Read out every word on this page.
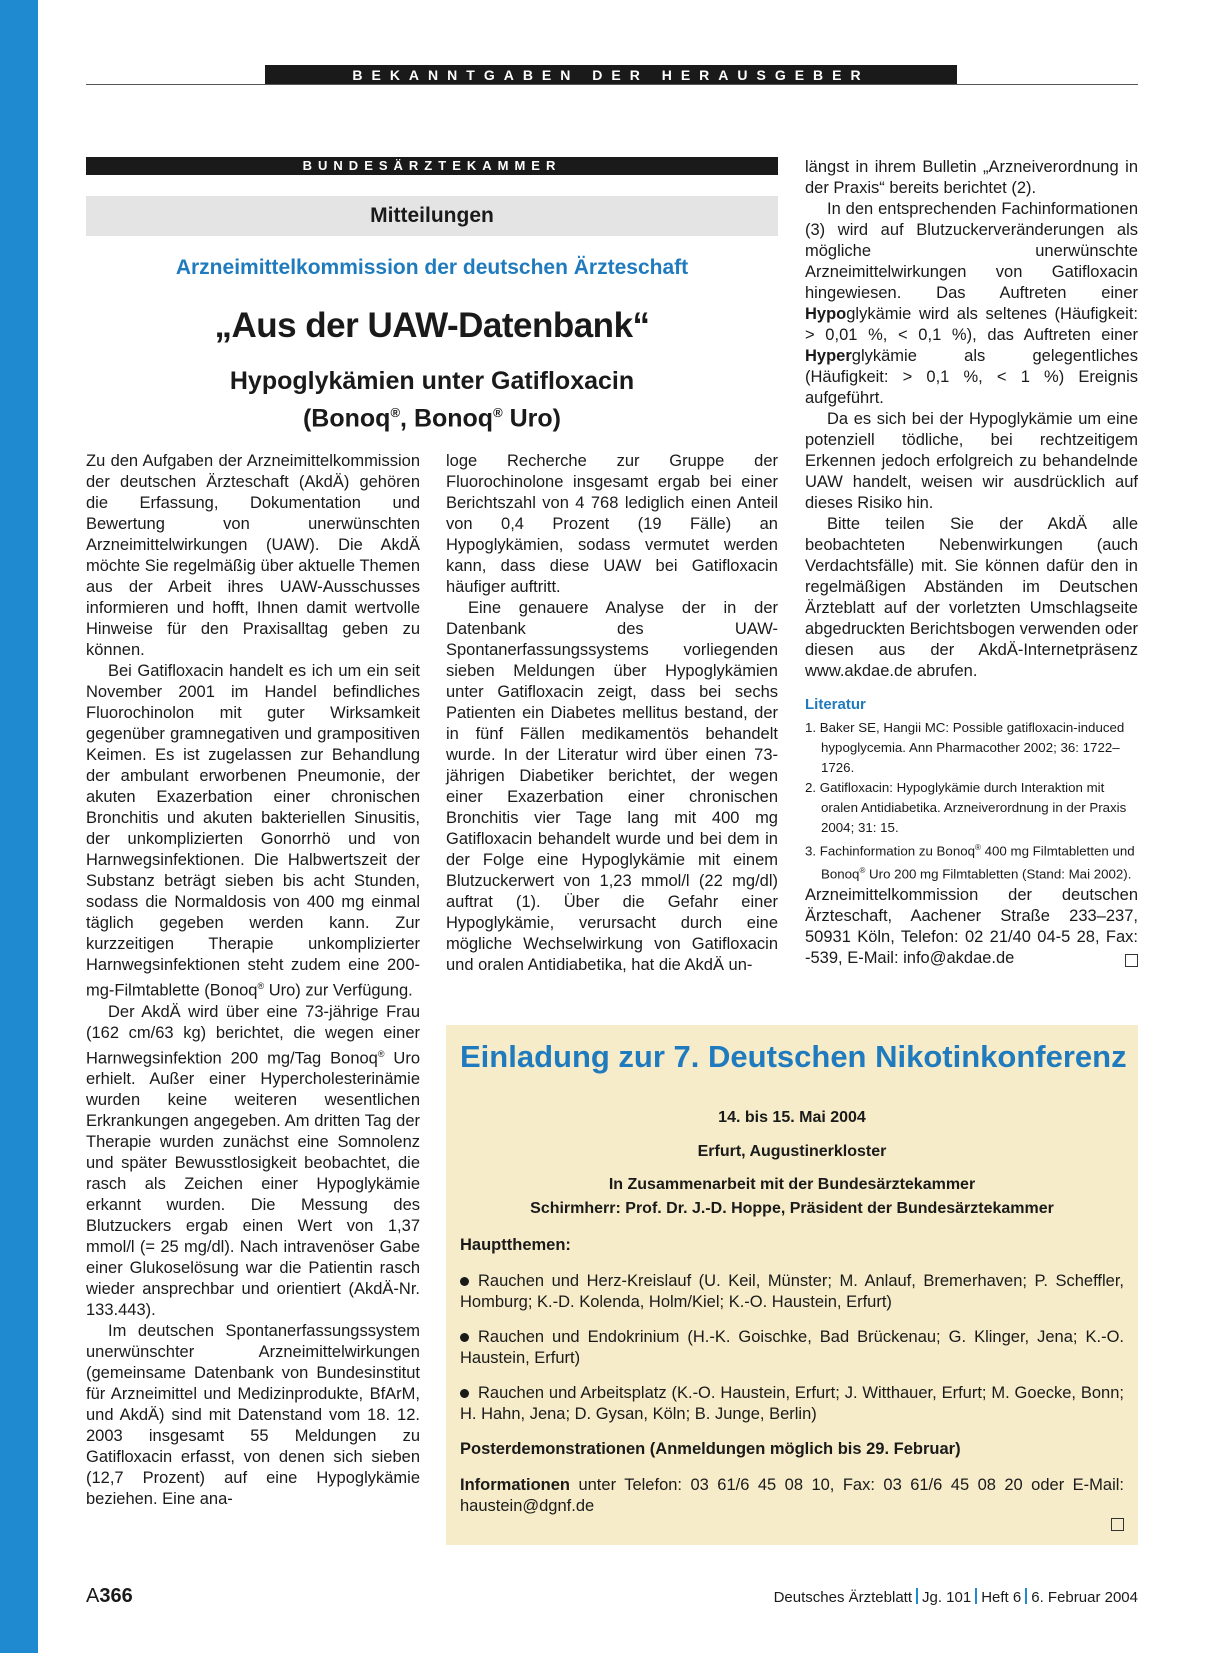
BEKANNTGABEN DER HERAUSGEBER
BUNDESÄRZTEKAMMER
Mitteilungen
Arzneimittelkommission der deutschen Ärzteschaft
„Aus der UAW-Datenbank“
Hypoglykämien unter Gatifloxacin
(Bonoq®, Bonoq® Uro)

Zu den Aufgaben der Arzneimittelkommission der deutschen Ärzteschaft (AkdÄ) gehören die Erfassung, Dokumentation und Bewertung von unerwünschten Arzneimittelwirkungen (UAW). Die AkdÄ möchte Sie regelmäßig über aktuelle Themen aus der Arbeit ihres UAW-Ausschusses informieren und hofft, Ihnen damit wertvolle Hinweise für den Praxisalltag geben zu können.

Bei Gatifloxacin handelt es ich um ein seit November 2001 im Handel befindliches Fluorochinolon mit guter Wirksamkeit gegenüber gramnegativen und grampositiven Keimen. Es ist zugelassen zur Behandlung der ambulant erworbenen Pneumonie, der akuten Exazerbation einer chronischen Bronchitis und akuten bakteriellen Sinusitis, der unkomplizierten Gonorrhö und von Harnwegsinfektionen. Die Halbwertszeit der Substanz beträgt sieben bis acht Stunden, sodass die Normaldosis von 400 mg einmal täglich gegeben werden kann. Zur kurzzeitigen Therapie unkomplizierter Harnwegsinfektionen steht zudem eine 200-mg-Filmtablette (Bonoq® Uro) zur Verfügung.

Der AkdÄ wird über eine 73-jährige Frau (162 cm/63 kg) berichtet, die wegen einer Harnwegsinfektion 200 mg/Tag Bonoq® Uro erhielt. Außer einer Hypercholesterinämie wurden keine weiteren wesentlichen Erkrankungen angegeben. Am dritten Tag der Therapie wurden zunächst eine Somnolenz und später Bewusstlosigkeit beobachtet, die rasch als Zeichen einer Hypoglykämie erkannt wurden. Die Messung des Blutzuckers ergab einen Wert von 1,37 mmol/l (= 25 mg/dl). Nach intravenöser Gabe einer Glukoselösung war die Patientin rasch wieder ansprechbar und orientiert (AkdÄ-Nr. 133.443).

Im deutschen Spontanerfassungssystem unerwünschter Arzneimittelwirkungen (gemeinsame Datenbank von Bundesinstitut für Arzneimittel und Medizinprodukte, BfArM, und AkdÄ) sind mit Datenstand vom 18. 12. 2003 insgesamt 55 Meldungen zu Gatifloxacin erfasst, von denen sich sieben (12,7 Prozent) auf eine Hypoglykämie beziehen. Eine ana-

loge Recherche zur Gruppe der Fluorochinolone insgesamt ergab bei einer Berichtszahl von 4 768 lediglich einen Anteil von 0,4 Prozent (19 Fälle) an Hypoglykämien, sodass vermutet werden kann, dass diese UAW bei Gatifloxacin häufiger auftritt.

Eine genauere Analyse der in der Datenbank des UAW-Spontanerfassungssystems vorliegenden sieben Meldungen über Hypoglykämien unter Gatifloxacin zeigt, dass bei sechs Patienten ein Diabetes mellitus bestand, der in fünf Fällen medikamentös behandelt wurde. In der Literatur wird über einen 73-jährigen Diabetiker berichtet, der wegen einer Exazerbation einer chronischen Bronchitis vier Tage lang mit 400 mg Gatifloxacin behandelt wurde und bei dem in der Folge eine Hypoglykämie mit einem Blutzuckerwert von 1,23 mmol/l (22 mg/dl) auftrat (1). Über die Gefahr einer Hypoglykämie, verursacht durch eine mögliche Wechselwirkung von Gatifloxacin und oralen Antidiabetika, hat die AkdÄ un-

längst in ihrem Bulletin „Arzneiverordnung in der Praxis“ bereits berichtet (2).

In den entsprechenden Fachinformationen (3) wird auf Blutzuckerveränderungen als mögliche unerwünschte Arzneimittelwirkungen von Gatifloxacin hingewiesen. Das Auftreten einer Hypoglykämie wird als seltenes (Häufigkeit: > 0,01 %, < 0,1 %), das Auftreten einer Hyperglykämie als gelegentliches (Häufigkeit: > 0,1 %, < 1 %) Ereignis aufgeführt.

Da es sich bei der Hypoglykämie um eine potenziell tödliche, bei rechtzeitigem Erkennen jedoch erfolgreich zu behandelnde UAW handelt, weisen wir ausdrücklich auf dieses Risiko hin.

Bitte teilen Sie der AkdÄ alle beobachteten Nebenwirkungen (auch Verdachtsfälle) mit. Sie können dafür den in regelmäßigen Abständen im Deutschen Ärzteblatt auf der vorletzten Umschlagseite abgedruckten Berichtsbogen verwenden oder diesen aus der AkdÄ-Internetpräsenz www.akdae.de abrufen.

Literatur
1. Baker SE, Hangii MC: Possible gatifloxacin-induced hypoglycemia. Ann Pharmacother 2002; 36: 1722–1726.
2. Gatifloxacin: Hypoglykämie durch Interaktion mit oralen Antidiabetika. Arzneiverordnung in der Praxis 2004; 31: 15.
3. Fachinformation zu Bonoq® 400 mg Filmtabletten und Bonoq® Uro 200 mg Filmtabletten (Stand: Mai 2002).

Arzneimittelkommission der deutschen Ärzteschaft, Aachener Straße 233–237, 50931 Köln, Telefon: 02 21/40 04-5 28, Fax: -539, E-Mail: info@akdae.de

Einladung zur 7. Deutschen Nikotinkonferenz
14. bis 15. Mai 2004
Erfurt, Augustinerkloster
In Zusammenarbeit mit der Bundesärztekammer
Schirmherr: Prof. Dr. J.-D. Hoppe, Präsident der Bundesärztekammer
Hauptthemen:
Rauchen und Herz-Kreislauf (U. Keil, Münster; M. Anlauf, Bremerhaven; P. Scheffler, Homburg; K.-D. Kolenda, Holm/Kiel; K.-O. Haustein, Erfurt)
Rauchen und Endokrinium (H.-K. Goischke, Bad Brückenau; G. Klinger, Jena; K.-O. Haustein, Erfurt)
Rauchen und Arbeitsplatz (K.-O. Haustein, Erfurt; J. Witthauer, Erfurt; M. Goecke, Bonn; H. Hahn, Jena; D. Gysan, Köln; B. Junge, Berlin)
Posterdemonstrationen (Anmeldungen möglich bis 29. Februar)
Informationen unter Telefon: 03 61/6 45 08 10, Fax: 03 61/6 45 08 20 oder E-Mail: haustein@dgnf.de
A366	Deutsches Ärzteblatt Jg. 101 Heft 6 6. Februar 2004
